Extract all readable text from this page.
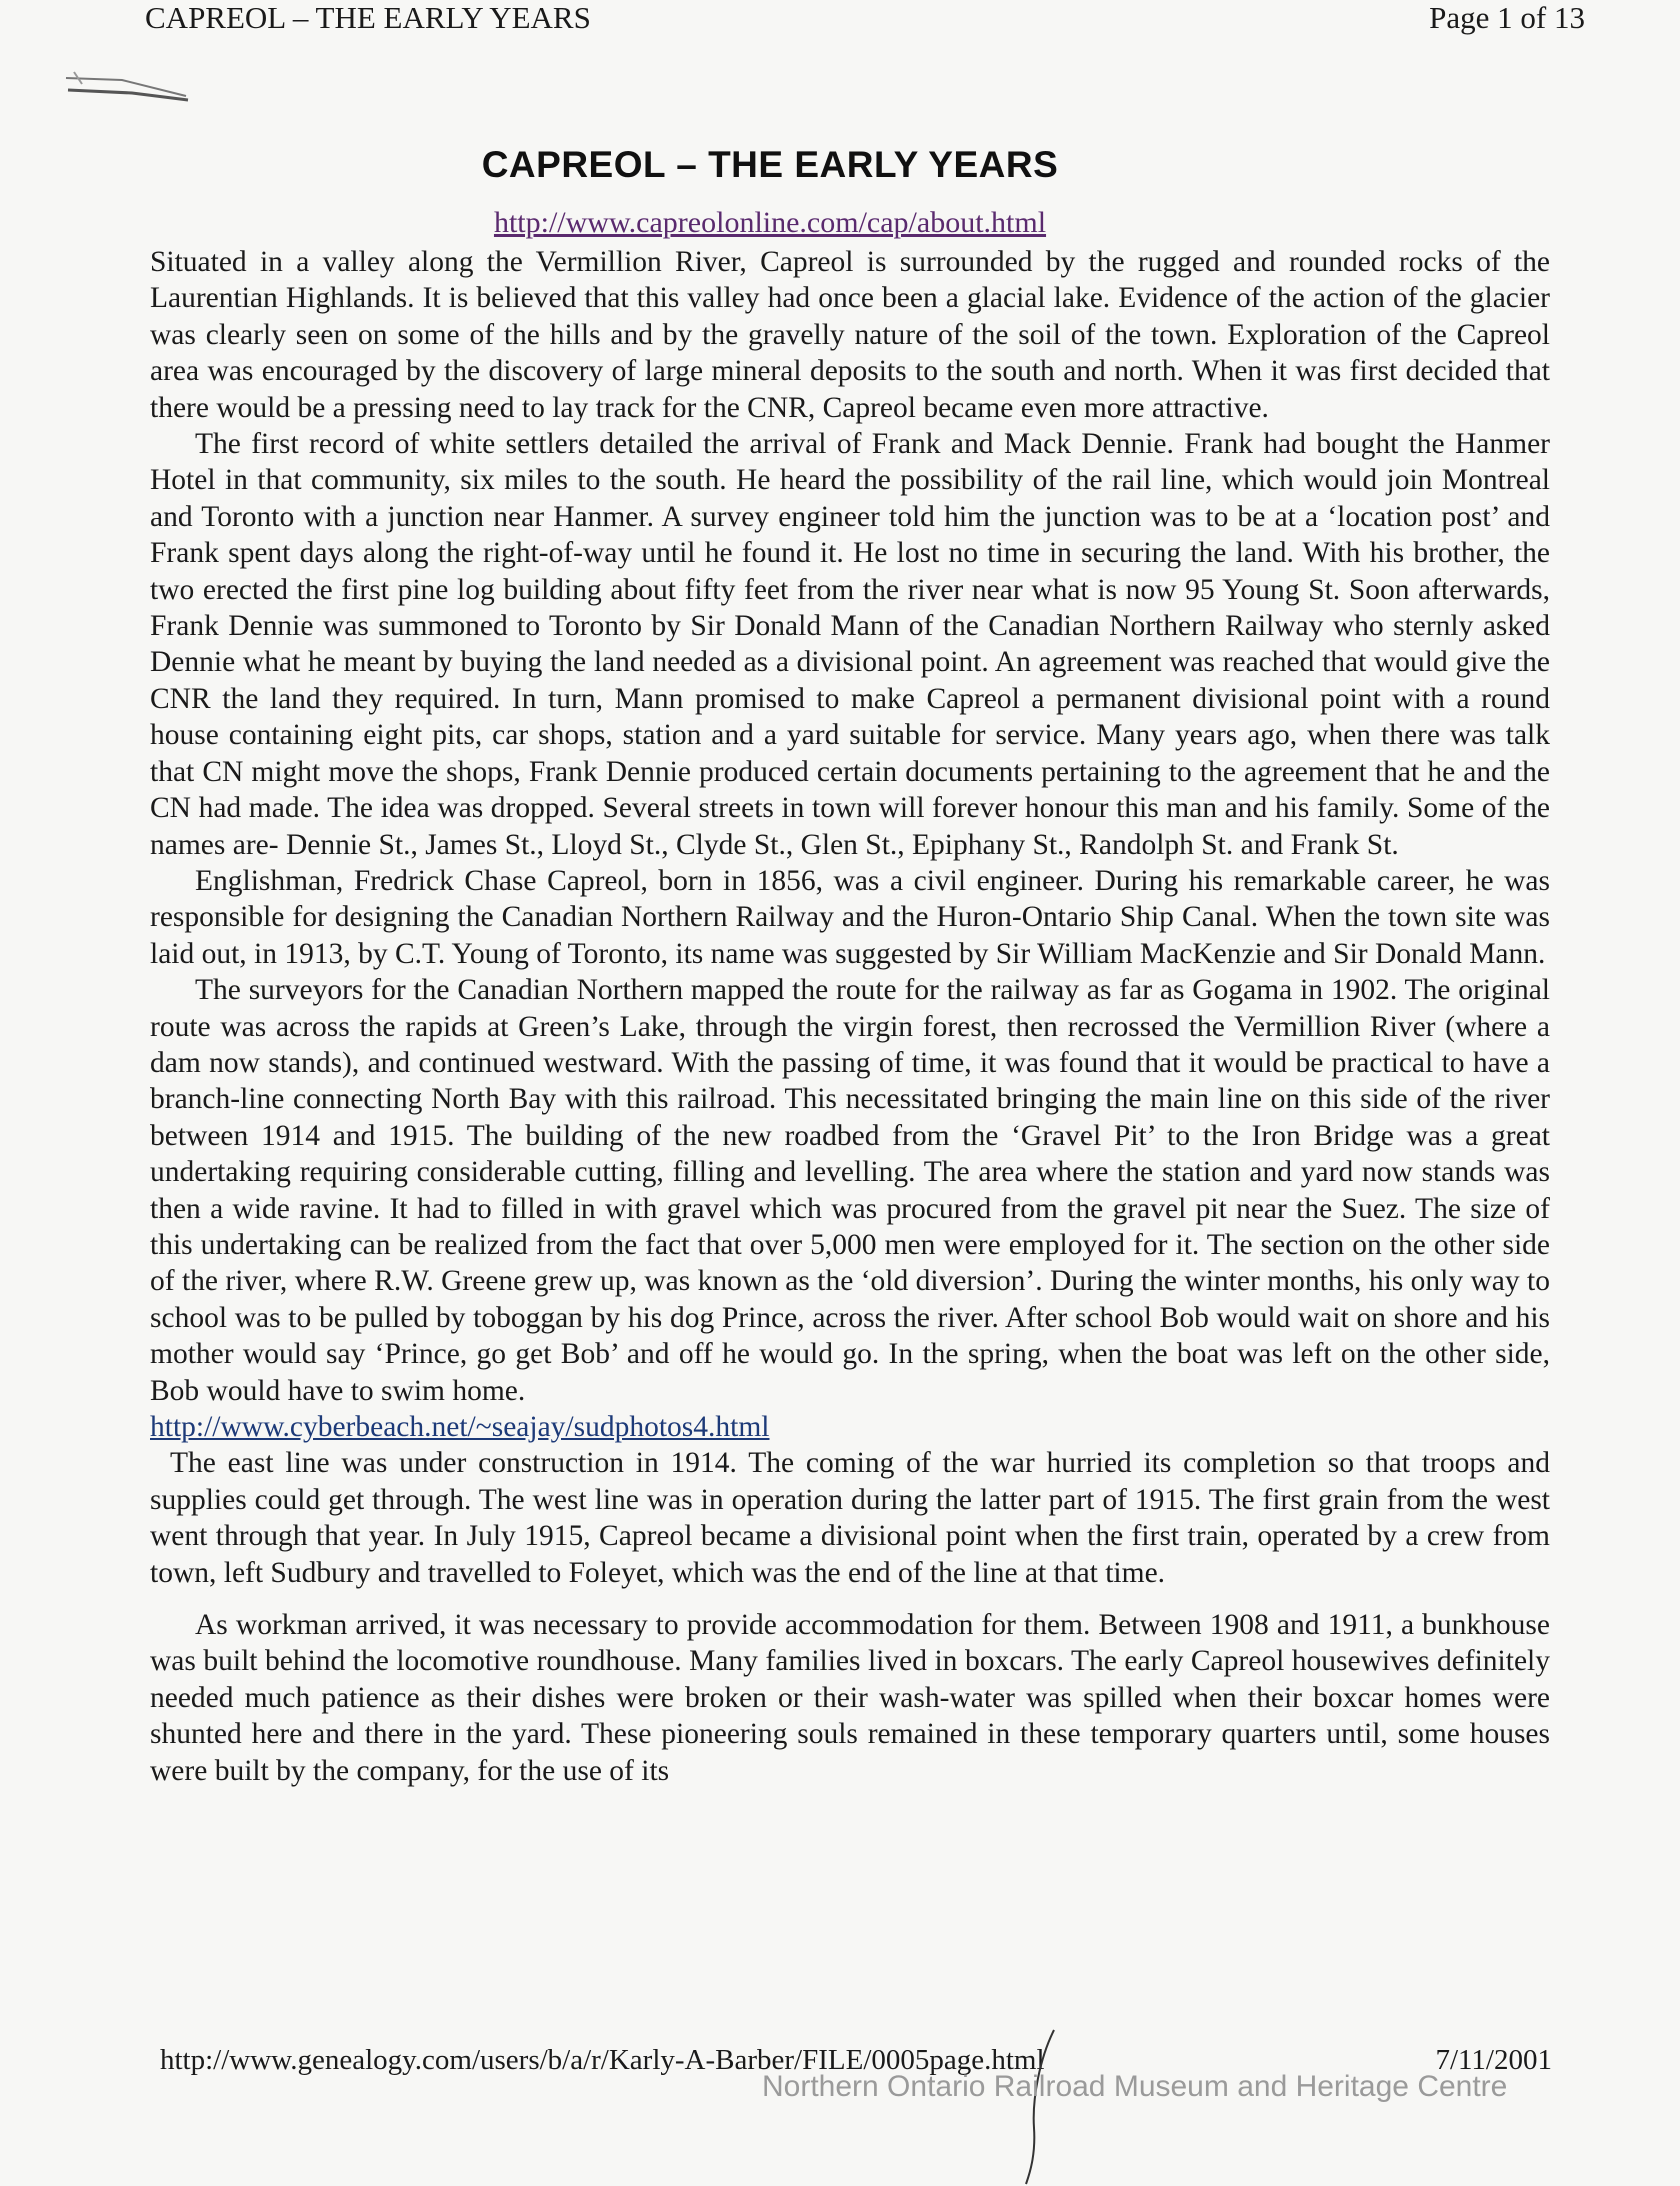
CAPREOL – THE EARLY YEARS	Page 1 of 13
CAPREOL – THE EARLY YEARS
http://www.capreolonline.com/cap/about.html

Situated in a valley along the Vermillion River, Capreol is surrounded by the rugged and rounded rocks of the Laurentian Highlands. It is believed that this valley had once been a glacial lake. Evidence of the action of the glacier was clearly seen on some of the hills and by the gravelly nature of the soil of the town. Exploration of the Capreol area was encouraged by the discovery of large mineral deposits to the south and north. When it was first decided that there would be a pressing need to lay track for the CNR, Capreol became even more attractive.

The first record of white settlers detailed the arrival of Frank and Mack Dennie. Frank had bought the Hanmer Hotel in that community, six miles to the south. He heard the possibility of the rail line, which would join Montreal and Toronto with a junction near Hanmer. A survey engineer told him the junction was to be at a ‘location post’ and Frank spent days along the right-of-way until he found it. He lost no time in securing the land. With his brother, the two erected the first pine log building about fifty feet from the river near what is now 95 Young St. Soon afterwards, Frank Dennie was summoned to Toronto by Sir Donald Mann of the Canadian Northern Railway who sternly asked Dennie what he meant by buying the land needed as a divisional point. An agreement was reached that would give the CNR the land they required. In turn, Mann promised to make Capreol a permanent divisional point with a round house containing eight pits, car shops, station and a yard suitable for service. Many years ago, when there was talk that CN might move the shops, Frank Dennie produced certain documents pertaining to the agreement that he and the CN had made. The idea was dropped. Several streets in town will forever honour this man and his family. Some of the names are- Dennie St., James St., Lloyd St., Clyde St., Glen St., Epiphany St., Randolph St. and Frank St.

Englishman, Fredrick Chase Capreol, born in 1856, was a civil engineer. During his remarkable career, he was responsible for designing the Canadian Northern Railway and the Huron-Ontario Ship Canal. When the town site was laid out, in 1913, by C.T. Young of Toronto, its name was suggested by Sir William MacKenzie and Sir Donald Mann.

The surveyors for the Canadian Northern mapped the route for the railway as far as Gogama in 1902. The original route was across the rapids at Green’s Lake, through the virgin forest, then recrossed the Vermillion River (where a dam now stands), and continued westward. With the passing of time, it was found that it would be practical to have a branch-line connecting North Bay with this railroad. This necessitated bringing the main line on this side of the river between 1914 and 1915. The building of the new roadbed from the ‘Gravel Pit’ to the Iron Bridge was a great undertaking requiring considerable cutting, filling and levelling. The area where the station and yard now stands was then a wide ravine. It had to filled in with gravel which was procured from the gravel pit near the Suez. The size of this undertaking can be realized from the fact that over 5,000 men were employed for it. The section on the other side of the river, where R.W. Greene grew up, was known as the ‘old diversion’. During the winter months, his only way to school was to be pulled by toboggan by his dog Prince, across the river. After school Bob would wait on shore and his mother would say ‘Prince, go get Bob’ and off he would go. In the spring, when the boat was left on the other side, Bob would have to swim home.

http://www.cyberbeach.net/~seajay/sudphotos4.html

The east line was under construction in 1914. The coming of the war hurried its completion so that troops and supplies could get through. The west line was in operation during the latter part of 1915. The first grain from the west went through that year. In July 1915, Capreol became a divisional point when the first train, operated by a crew from town, left Sudbury and travelled to Foleyet, which was the end of the line at that time.

As workman arrived, it was necessary to provide accommodation for them. Between 1908 and 1911, a bunkhouse was built behind the locomotive roundhouse. Many families lived in boxcars. The early Capreol housewives definitely needed much patience as their dishes were broken or their wash-water was spilled when their boxcar homes were shunted here and there in the yard. These pioneering souls remained in these temporary quarters until, some houses were built by the company, for the use of its

http://www.genealogy.com/users/b/a/r/Karly-A-Barber/FILE/0005page.html	7/11/2001
Northern Ontario Railroad Museum and Heritage Centre
